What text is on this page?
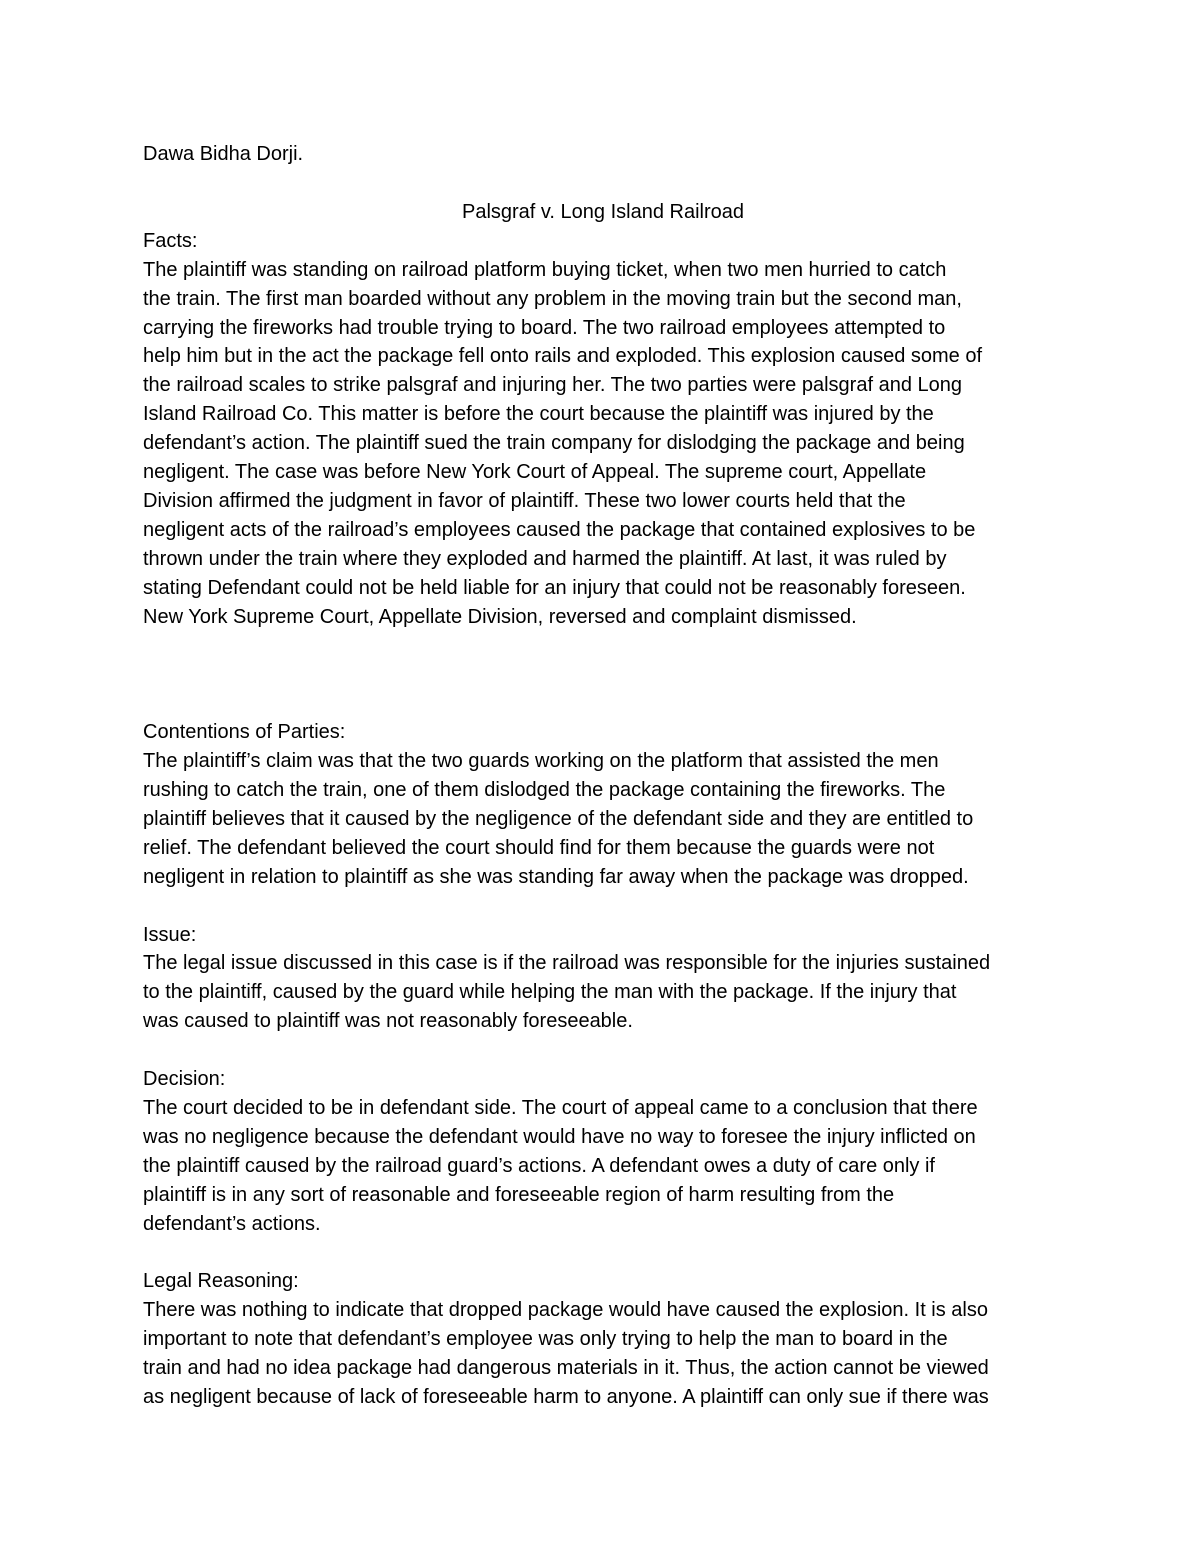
Dawa Bidha Dorji.

Palsgraf v. Long Island Railroad
Facts:

The plaintiff was standing on railroad platform buying ticket, when two men hurried to catch
the train. The first man boarded without any problem in the moving train but the second man,
carrying the fireworks had trouble trying to board. The two railroad employees attempted to
help him but in the act the package fell onto rails and exploded. This explosion caused some of
the railroad scales to strike palsgraf and injuring her. The two parties were palsgraf and Long
Island Railroad Co. This matter is before the court because the plaintiff was injured by the
defendant’s action. The plaintiff sued the train company for dislodging the package and being
negligent. The case was before New York Court of Appeal. The supreme court, Appellate
Division affirmed the judgment in favor of plaintiff. These two lower courts held that the
negligent acts of the railroad’s employees caused the package that contained explosives to be
thrown under the train where they exploded and harmed the plaintiff. At last, it was ruled by
stating Defendant could not be held liable for an injury that could not be reasonably foreseen.
New York Supreme Court, Appellate Division, reversed and complaint dismissed.

Contentions of Parties:

The plaintiff’s claim was that the two guards working on the platform that assisted the men
rushing to catch the train, one of them dislodged the package containing the fireworks. The
plaintiff believes that it caused by the negligence of the defendant side and they are entitled to
relief. The defendant believed the court should find for them because the guards were not
negligent in relation to plaintiff as she was standing far away when the package was dropped.

Issue:

The legal issue discussed in this case is if the railroad was responsible for the injuries sustained
to the plaintiff, caused by the guard while helping the man with the package. If the injury that
was caused to plaintiff was not reasonably foreseeable.

Decision:

The court decided to be in defendant side. The court of appeal came to a conclusion that there
was no negligence because the defendant would have no way to foresee the injury inflicted on
the plaintiff caused by the railroad guard’s actions. A defendant owes a duty of care only if
plaintiff is in any sort of reasonable and foreseeable region of harm resulting from the
defendant’s actions.

Legal Reasoning:

There was nothing to indicate that dropped package would have caused the explosion. It is also
important to note that defendant’s employee was only trying to help the man to board in the
train and had no idea package had dangerous materials in it. Thus, the action cannot be viewed
as negligent because of lack of foreseeable harm to anyone. A plaintiff can only sue if there was
